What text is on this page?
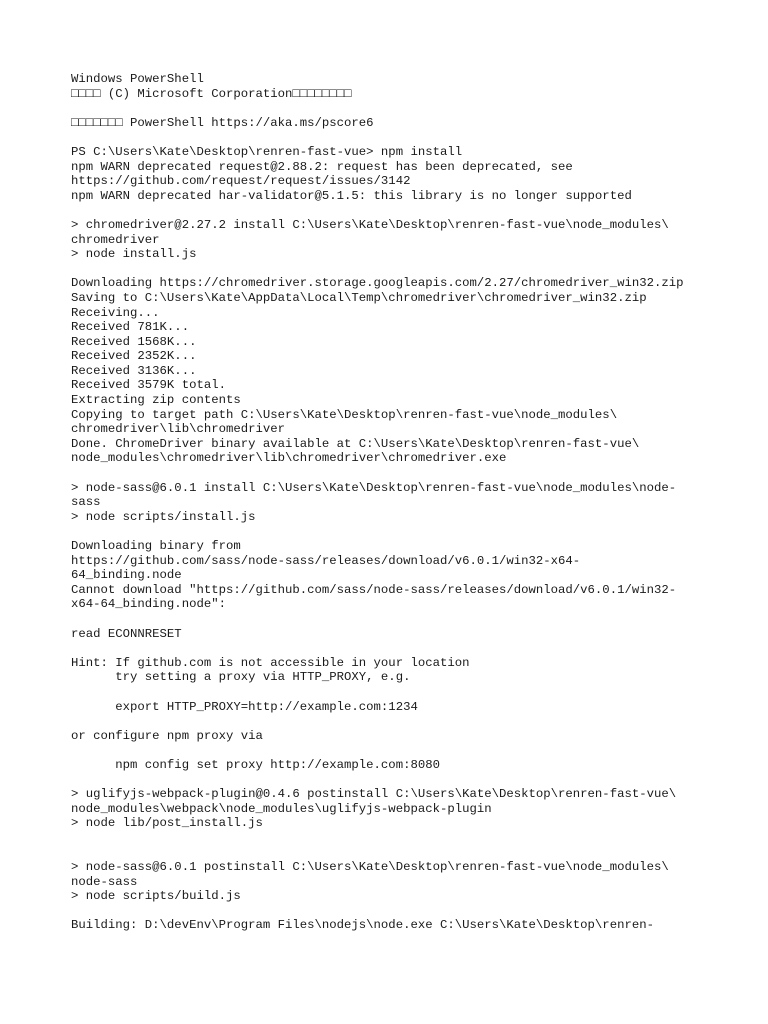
Windows PowerShell
□□□□ (C) Microsoft Corporation□□□□□□□□
□□□□□□□ PowerShell https://aka.ms/pscore6
PS C:\Users\Kate\Desktop\renren-fast-vue> npm install
npm WARN deprecated request@2.88.2: request has been deprecated, see
https://github.com/request/request/issues/3142
npm WARN deprecated har-validator@5.1.5: this library is no longer supported
> chromedriver@2.27.2 install C:\Users\Kate\Desktop\renren-fast-vue\node_modules\
chromedriver
> node install.js
Downloading https://chromedriver.storage.googleapis.com/2.27/chromedriver_win32.zip
Saving to C:\Users\Kate\AppData\Local\Temp\chromedriver\chromedriver_win32.zip
Receiving...
Received 781K...
Received 1568K...
Received 2352K...
Received 3136K...
Received 3579K total.
Extracting zip contents
Copying to target path C:\Users\Kate\Desktop\renren-fast-vue\node_modules\
chromedriver\lib\chromedriver
Done. ChromeDriver binary available at C:\Users\Kate\Desktop\renren-fast-vue\
node_modules\chromedriver\lib\chromedriver\chromedriver.exe
> node-sass@6.0.1 install C:\Users\Kate\Desktop\renren-fast-vue\node_modules\node-
sass
> node scripts/install.js
Downloading binary from
https://github.com/sass/node-sass/releases/download/v6.0.1/win32-x64-
64_binding.node
Cannot download "https://github.com/sass/node-sass/releases/download/v6.0.1/win32-
x64-64_binding.node":
read ECONNRESET
Hint: If github.com is not accessible in your location
try setting a proxy via HTTP_PROXY, e.g.
export HTTP_PROXY=http://example.com:1234
or configure npm proxy via
npm config set proxy http://example.com:8080
> uglifyjs-webpack-plugin@0.4.6 postinstall C:\Users\Kate\Desktop\renren-fast-vue\
node_modules\webpack\node_modules\uglifyjs-webpack-plugin
> node lib/post_install.js
> node-sass@6.0.1 postinstall C:\Users\Kate\Desktop\renren-fast-vue\node_modules\
node-sass
> node scripts/build.js
Building: D:\devEnv\Program Files\nodejs\node.exe C:\Users\Kate\Desktop\renren-
